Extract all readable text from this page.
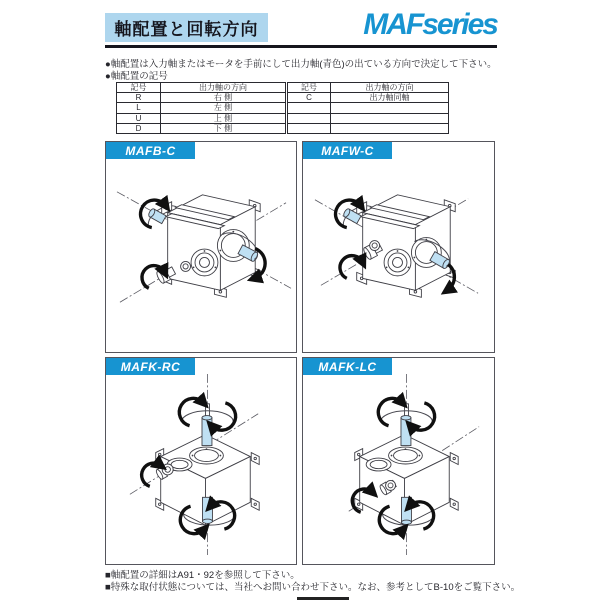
軸配置と回転方向	MAFseries
●軸配置は入力軸またはモータを手前にして出力軸(青色)の出ている方向で決定して下さい。
●軸配置の記号
記号	出力軸の方向	記号	出力軸の方向
R	右 側	C	出力軸同軸
L	左 側		
U	上 側		
D	下 側		
MAFB-C	MAFW-C
MAFK-RC	MAFK-LC
■軸配置の詳細はA91・92を参照して下さい。
■特殊な取付状態については、当社へお問い合わせ下さい。なお、参考としてB-10をご覧下さい。
